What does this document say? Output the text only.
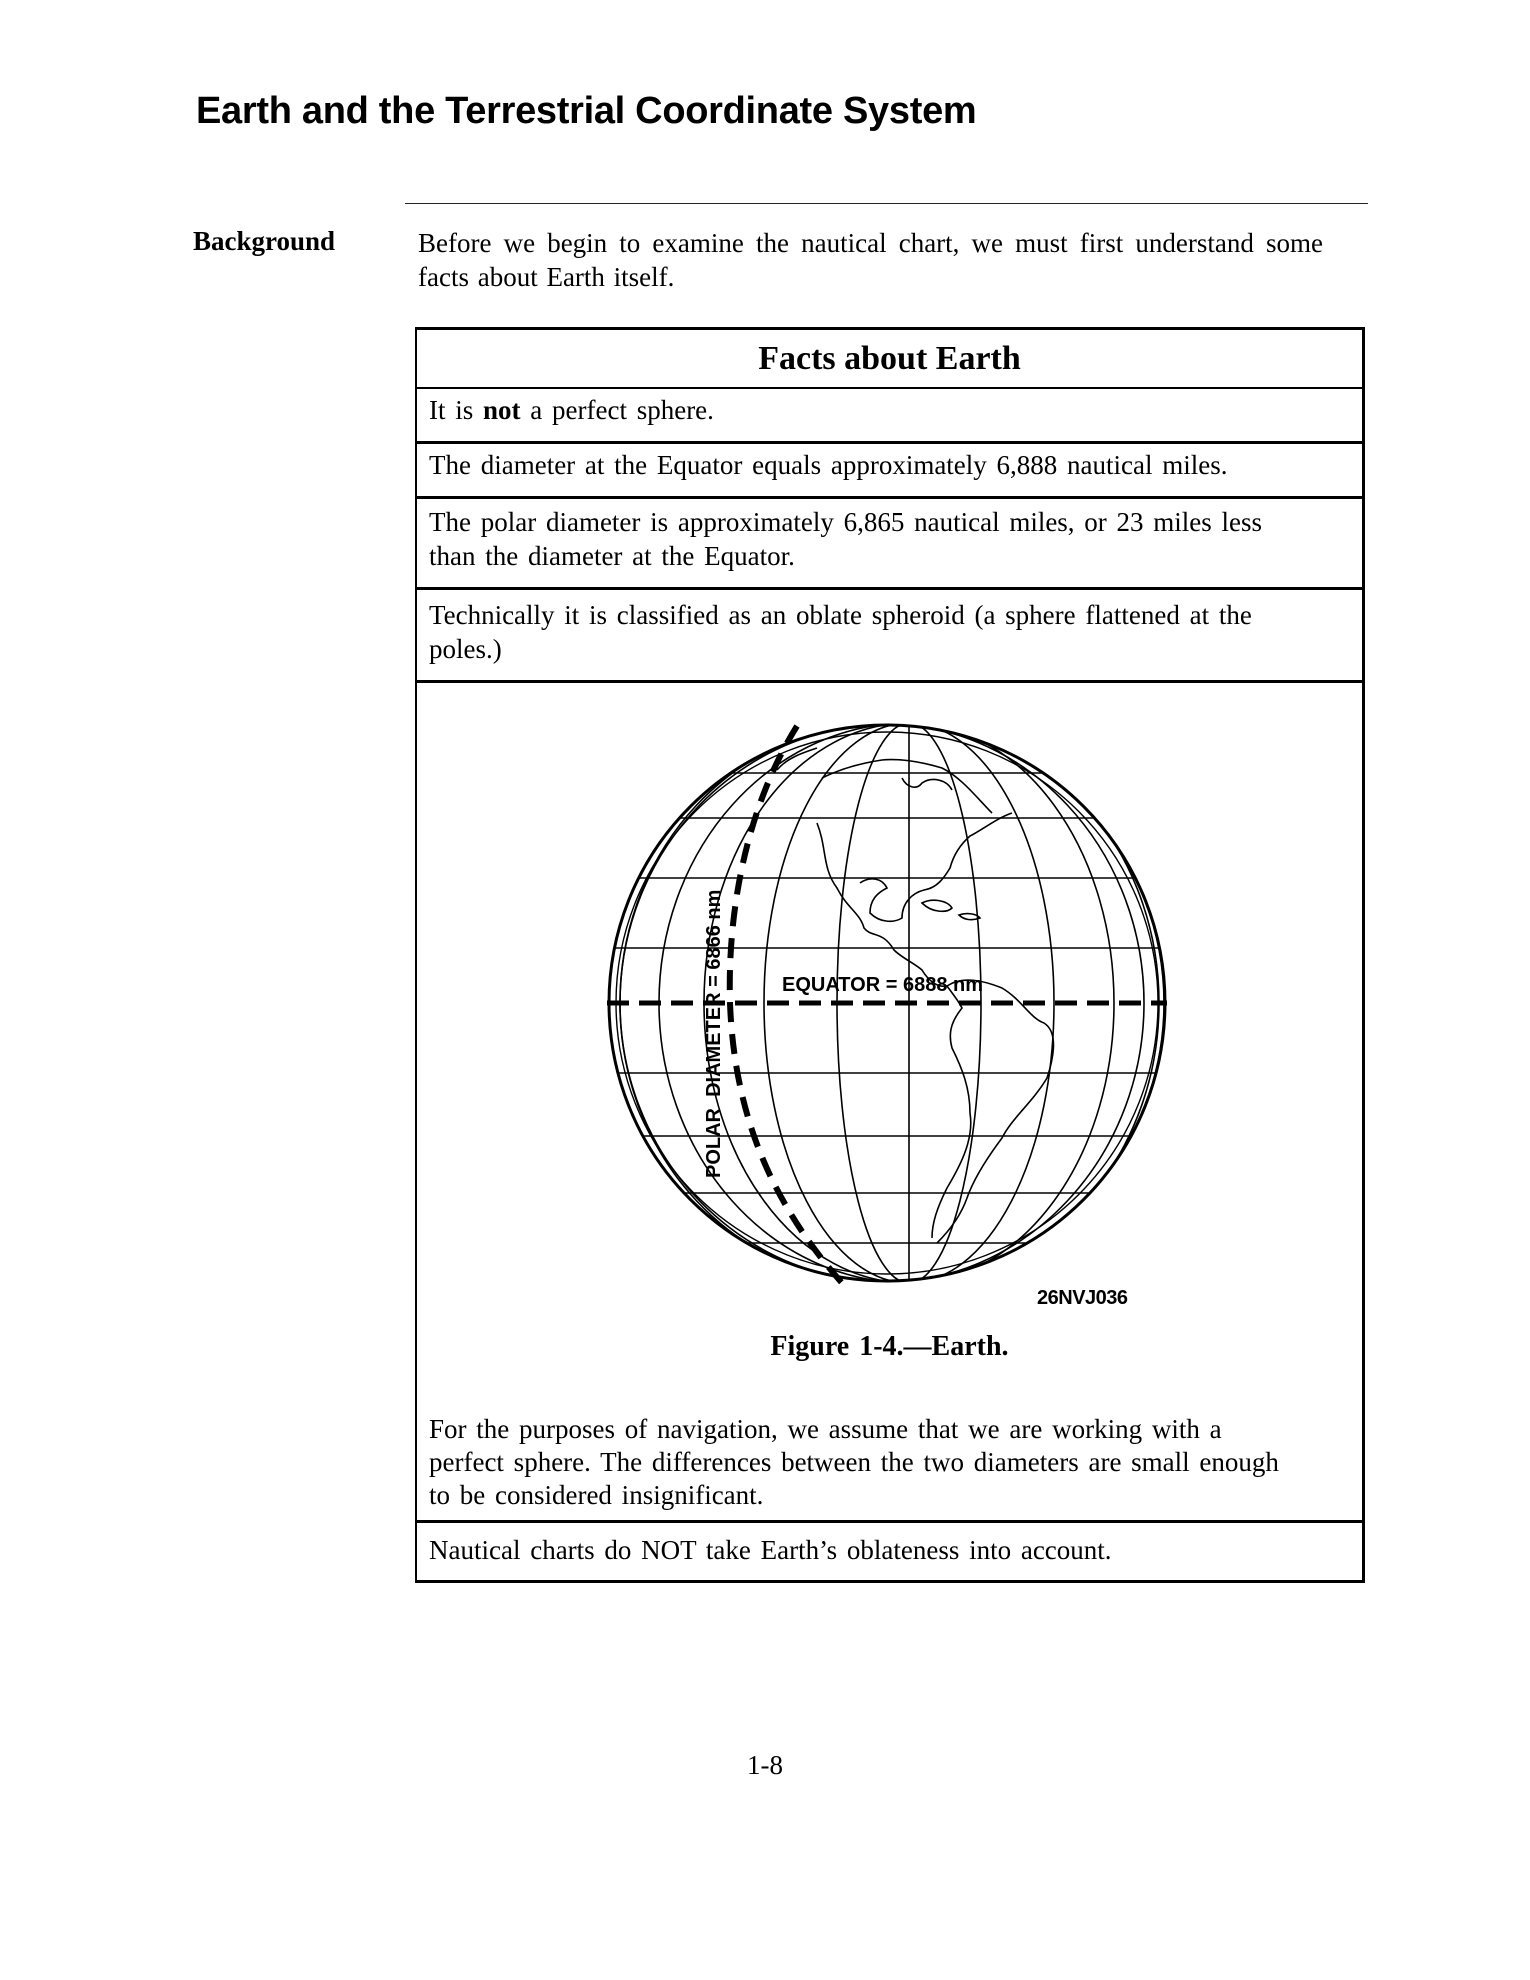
Earth and the Terrestrial Coordinate System
Background	Before we begin to examine the nautical chart, we must first understand some facts about Earth itself.

Facts about Earth
It is not a perfect sphere.
The diameter at the Equator equals approximately 6,888 nautical miles.
The polar diameter is approximately 6,865 nautical miles, or 23 miles less than the diameter at the Equator.
Technically it is classified as an oblate spheroid (a sphere flattened at the poles.)
EQUATOR = 6888 nm
POLAR  DIAMETER = 6866 nm
26NVJ036
Figure 1-4.—Earth.

For the purposes of navigation, we assume that we are working with a perfect sphere. The differences between the two diameters are small enough to be considered insignificant.

Nautical charts do NOT take Earth’s oblateness into account.
1-8
